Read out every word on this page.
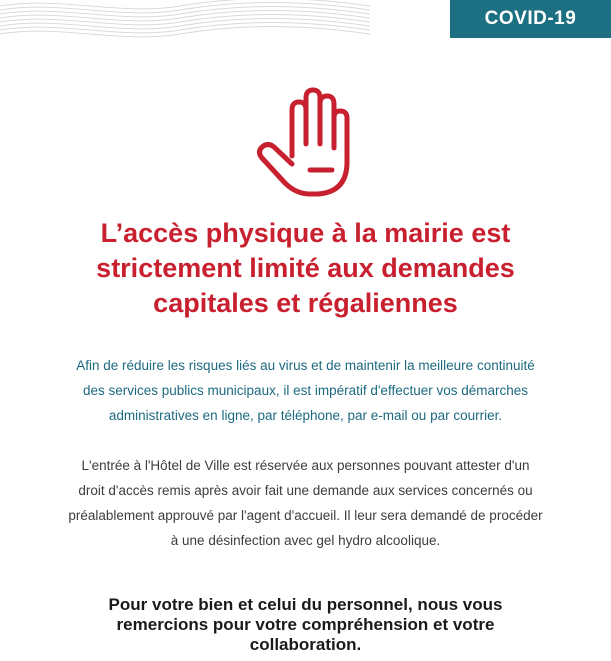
COVID-19
L’accès physique à la mairie est
strictement limité aux demandes
capitales et régaliennes
Afin de réduire les risques liés au virus et de maintenir la meilleure continuité
des services publics municipaux, il est impératif d'effectuer vos démarches
administratives en ligne, par téléphone, par e-mail ou par courrier.
L'entrée à l'Hôtel de Ville est réservée aux personnes pouvant attester d'un
droit d'accès remis après avoir fait une demande aux services concernés ou
préalablement approuvé par l'agent d'accueil. Il leur sera demandé de procéder
à une désinfection avec gel hydro alcoolique.
Pour votre bien et celui du personnel, nous vous
remercions pour votre compréhension et votre
collaboration.
